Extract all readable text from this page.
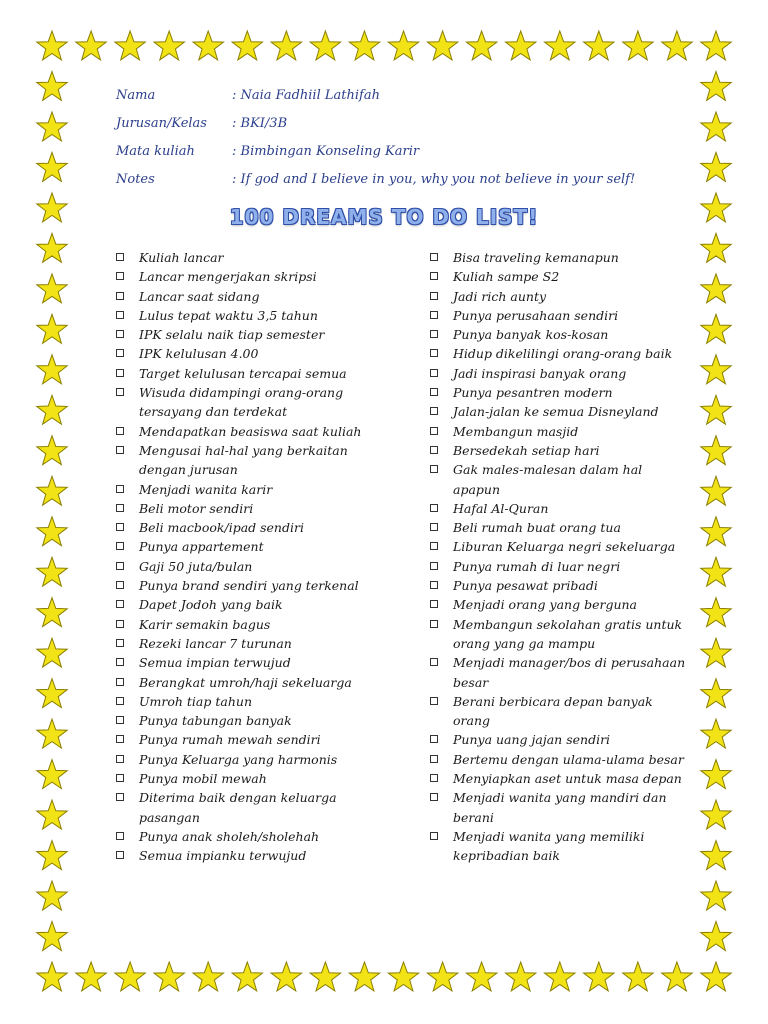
Nama	: Naia Fadhiil Lathifah
Jurusan/Kelas : BKI/3B
Mata kuliah	: Bimbingan Konseling Karir
Notes	: If god and I believe in you, why you not believe in your self!
100 DREAMS TO DO LIST!
Kuliah lancar
Lancar mengerjakan skripsi
Lancar saat sidang
Lulus tepat waktu 3,5 tahun
IPK selalu naik tiap semester
IPK kelulusan 4.00
Target kelulusan tercapai semua
Wisuda didampingi orang-orang tersayang dan terdekat
Mendapatkan beasiswa saat kuliah
Mengusai hal-hal yang berkaitan dengan jurusan
Menjadi wanita karir
Beli motor sendiri
Beli macbook/ipad sendiri
Punya appartement
Gaji 50 juta/bulan
Punya brand sendiri yang terkenal
Dapet Jodoh yang baik
Karir semakin bagus
Rezeki lancar 7 turunan
Semua impian terwujud
Berangkat umroh/haji sekeluarga
Umroh tiap tahun
Punya tabungan banyak
Punya rumah mewah sendiri
Punya Keluarga yang harmonis
Punya mobil mewah
Diterima baik dengan keluarga pasangan
Punya anak sholeh/sholehah
Semua impianku terwujud
Bisa traveling kemanapun
Kuliah sampe S2
Jadi rich aunty
Punya perusahaan sendiri
Punya banyak kos-kosan
Hidup dikelilingi orang-orang baik
Jadi inspirasi banyak orang
Punya pesantren modern
Jalan-jalan ke semua Disneyland
Membangun masjid
Bersedekah setiap hari
Gak males-malesan dalam hal apapun
Hafal Al-Quran
Beli rumah buat orang tua
Liburan Keluarga negri sekeluarga
Punya rumah di luar negri
Punya pesawat pribadi
Menjadi orang yang berguna
Membangun sekolahan gratis untuk orang yang ga mampu
Menjadi manager/bos di perusahaan besar
Berani berbicara depan banyak orang
Punya uang jajan sendiri
Bertemu dengan ulama-ulama besar
Menyiapkan aset untuk masa depan
Menjadi wanita yang mandiri dan berani
Menjadi wanita yang memiliki kepribadian baik
